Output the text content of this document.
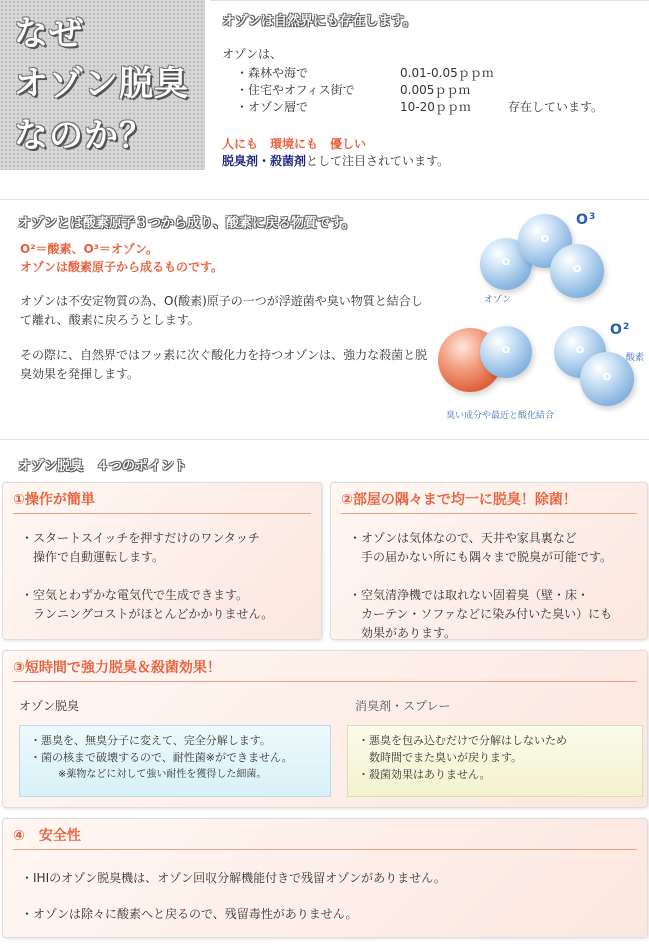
なぜ
オゾン脱臭
なのか？
オゾンは自然界にも存在します。
オゾンは、
・森林や海で	0.01-0.05ｐｐｍ
・住宅やオフィス街で	0.005ｐｐｍ
・オゾン層で	10-20ｐｐｍ	存在しています。
人にも　環境にも　優しい
脱臭剤・殺菌剤として注目されています。
オゾンとは酸素原子３つから成り、酸素に戻る物質です。
O²＝酸素、O³＝オゾン。
オゾンは酸素原子から成るものです。
オゾンは不安定物質の為、O(酸素)原子の一つが浮遊菌や臭い物質と結合して離れ、酸素に戻ろうとします。
その際に、自然界ではフッ素に次ぐ酸化力を持つオゾンは、強力な殺菌と脱臭効果を発揮します。
O
O
O
O 3
オゾン
O
臭い成分や最近と酸化結合
O
O
O 2
酸素
オゾン脱臭　４つのポイント
①操作が簡単
・スタートスイッチを押すだけのワンタッチ
　操作で自動運転します。
・空気とわずかな電気代で生成できます。
　ランニングコストがほとんどかかりません。
②部屋の隅々まで均一に脱臭！除菌！
・オゾンは気体なので、天井や家具裏など
　手の届かない所にも隅々まで脱臭が可能です。
・空気清浄機では取れない固着臭（壁・床・
　カーテン・ソファなどに染み付いた臭い）にも
　効果があります。
③短時間で強力脱臭＆殺菌効果！
オゾン脱臭	消臭剤・スプレー
・悪臭を、無臭分子に変えて、完全分解します。
・菌の核まで破壊するので、耐性菌※ができません。
※薬物などに対して強い耐性を獲得した細菌。
・悪臭を包み込むだけで分解はしないため
　数時間でまた臭いが戻ります。
・殺菌効果はありません。
④　安全性
・IHIのオゾン脱臭機は、オゾン回収分解機能付きで残留オゾンがありません。
・オゾンは除々に酸素へと戻るので、残留毒性がありません。
